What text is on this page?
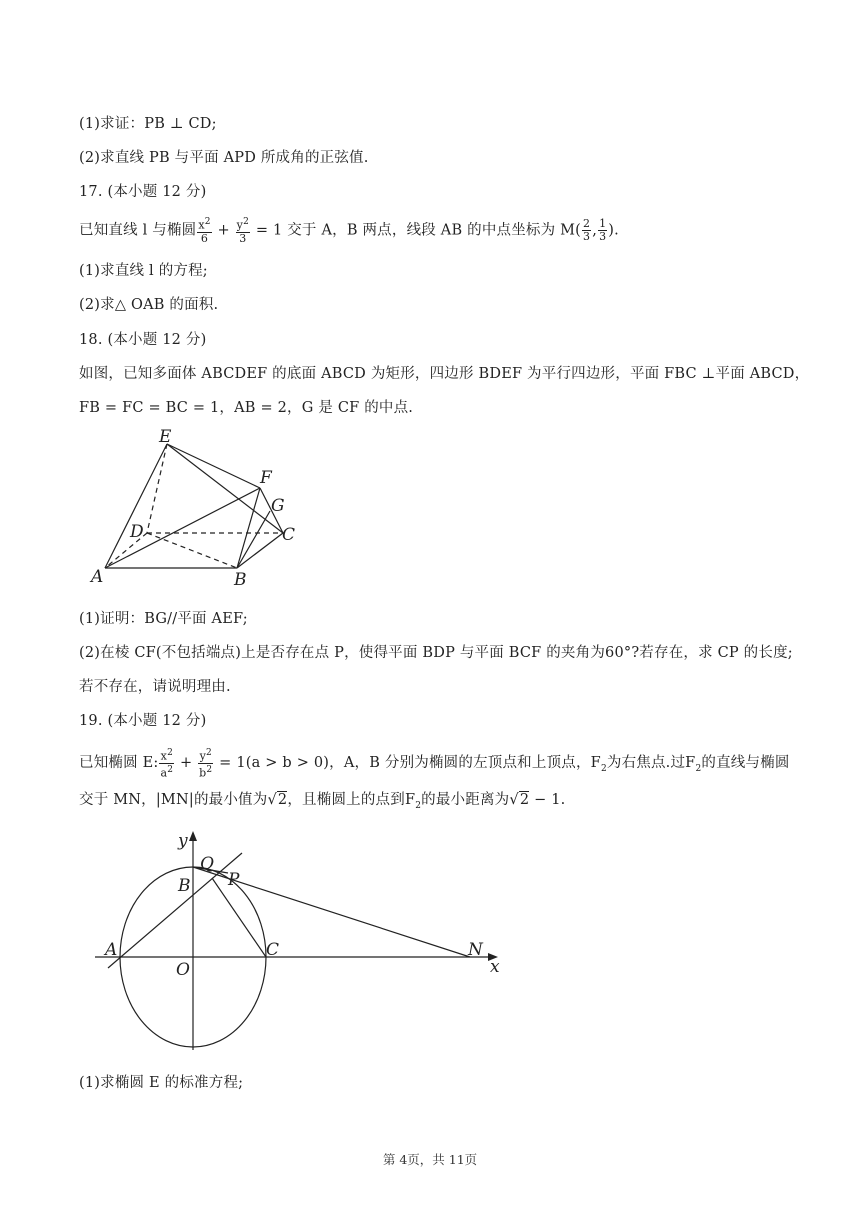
(1)求证：PB ⊥ CD;
(2)求直线 PB 与平面 APD 所成角的正弦值.
17. (本小题 12 分)
已知直线 l 与椭圆 $\frac{x^2}{6} + \frac{y^2}{3} = 1$ 交于 A，B 两点，线段 AB 的中点坐标为 $M( \frac{2}{3}$ , $\frac{1}{3}$ ).
(1)求直线 l 的方程;
(2)求△ OAB 的面积.
18. (本小题 12 分)
如图，已知多面体 ABCDEF 的底面 ABCD 为矩形，四边形 BDEF 为平行四边形，平面 FBC ⊥平面 ABCD，
FB = FC = BC = 1，AB = 2，G 是 CF 的中点.
E
F
G
D	C
A	B
(1)证明：BG//平面 AEF;
(2)在棱 CF(不包括端点)上是否存在点 P，使得平面 BDP 与平面 BCF 的夹角为60°?若存在，求 CP 的长度;
若不存在，请说明理由.
19. (本小题 12 分)
已知椭圆 E: $\frac{x^2}{a^2} + \frac{y^2}{b^2} = 1(a > b > 0)$，A，B 分别为椭圆的左顶点和上顶点，$F_2$为右焦点.过$F_2$的直线与椭圆
交于 MN，|MN|的最小值为√2，且椭圆上的点到$F_2$的最小距离为√2 − 1.
y
Q
B P
A	C
O
N
x
(1)求椭圆 E 的标准方程;
第 4页，共 11页
